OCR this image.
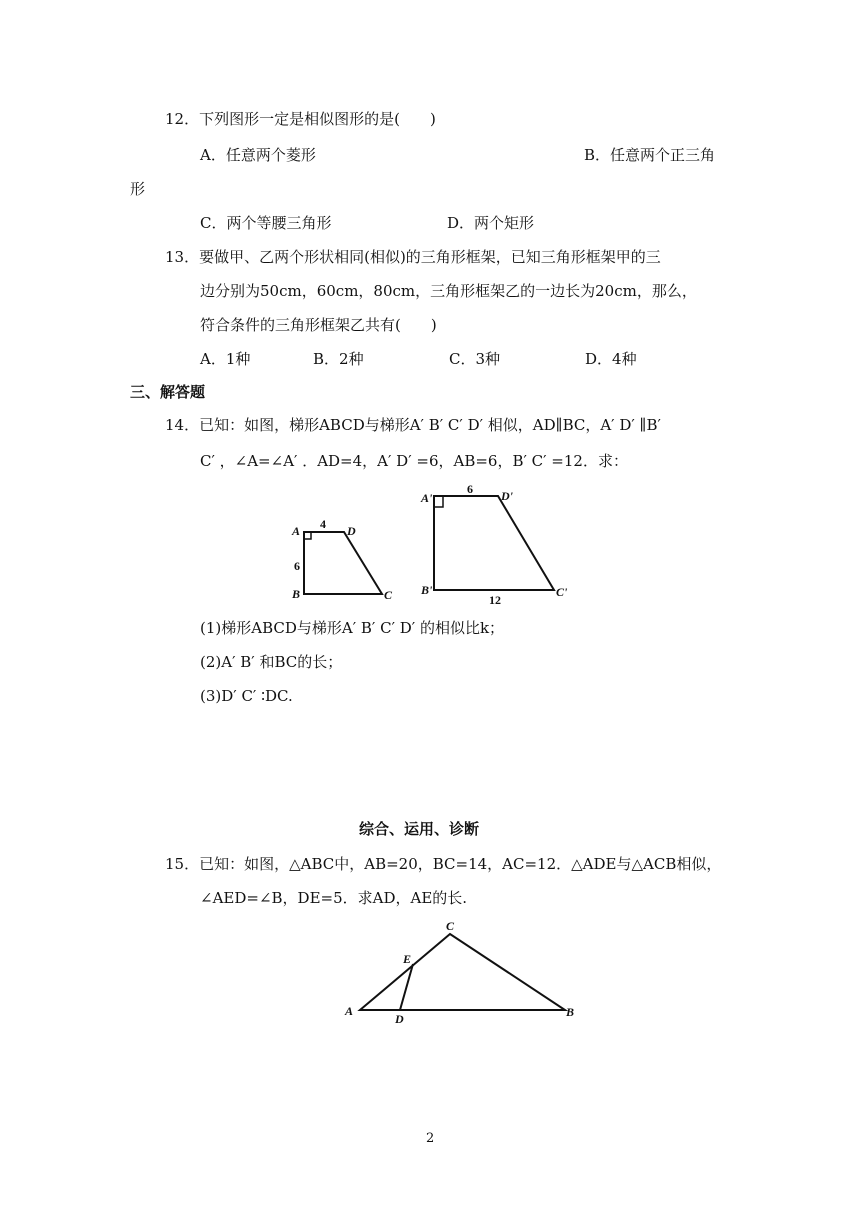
12．下列图形一定是相似图形的是(　　)
A．任意两个菱形	B．任意两个正三角
形
C．两个等腰三角形	D．两个矩形
13．要做甲、乙两个形状相同(相似)的三角形框架，已知三角形框架甲的三
边分别为50cm，60cm，80cm，三角形框架乙的一边长为20cm，那么，
符合条件的三角形框架乙共有(　　)
A．1种	B．2种	C．3种	D．4种
三、解答题
14．已知：如图，梯形ABCD与梯形A′ B′ C′ D′ 相似，AD∥BC，A′ D′ ∥B′
C′ ，∠A=∠A′ ．AD=4，A′ D′ =6，AB=6，B′ C′ =12．求：
A	D
4
6
B	C
A'	D'
6
B'
12
C'
(1)梯形ABCD与梯形A′ B′ C′ D′ 的相似比k；
(2)A′ B′ 和BC的长；
(3)D′ C′ ∶DC.
综合、运用、诊断
15．已知：如图，△ABC中，AB=20，BC=14，AC=12．△ADE与△ACB相似，
∠AED=∠B，DE=5．求AD，AE的长.
A
C
E
D	B
2
